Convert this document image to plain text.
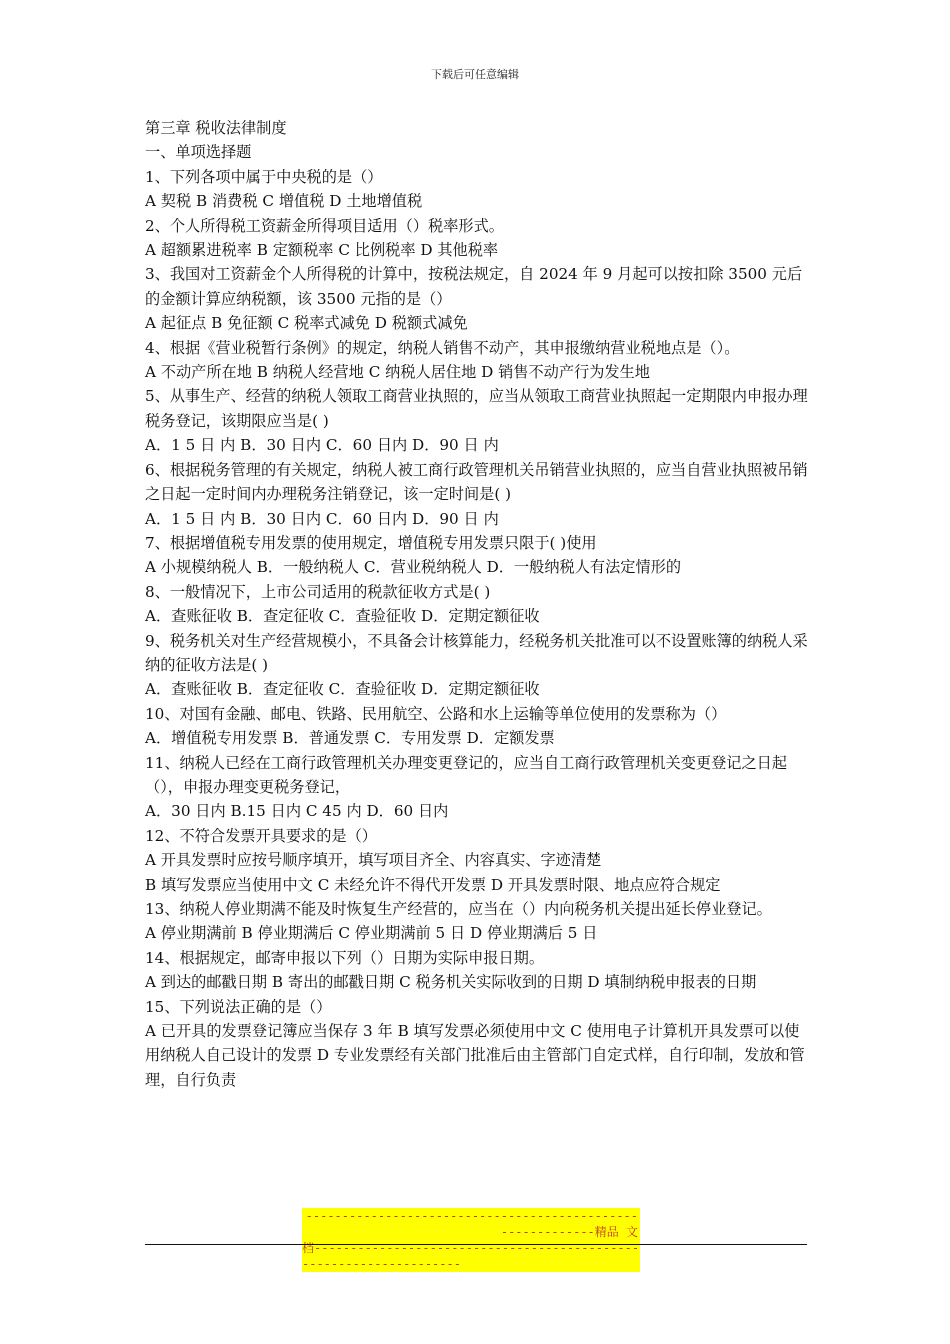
下载后可任意编辑
第三章 税收法律制度
一、单项选择题
1、下列各项中属于中央税的是（）
A 契税 B 消费税 C 增值税 D 土地增值税
2、个人所得税工资薪金所得项目适用（）税率形式。
A 超额累进税率 B 定额税率 C 比例税率 D 其他税率
3、我国对工资薪金个人所得税的计算中，按税法规定，自 2024 年 9 月起可以按扣除 3500 元后的金额计算应纳税额，该 3500 元指的是（）
A 起征点 B 免征额 C 税率式减免 D 税额式减免
4、根据《营业税暂行条例》的规定，纳税人销售不动产，其申报缴纳营业税地点是（）。
A 不动产所在地 B 纳税人经营地 C 纳税人居住地 D 销售不动产行为发生地
5、从事生产、经营的纳税人领取工商营业执照的，应当从领取工商营业执照起一定期限内申报办理税务登记，该期限应当是( )
A．1 5 日 内 B．30 日内 C．60 日内 D．90 日 内
6、根据税务管理的有关规定，纳税人被工商行政管理机关吊销营业执照的，应当自营业执照被吊销之日起一定时间内办理税务注销登记，该一定时间是( )
A．1 5 日 内 B．30 日内 C．60 日内 D．90 日 内
7、根据增值税专用发票的使用规定，增值税专用发票只限于( )使用
A 小规模纳税人 B．一般纳税人 C．营业税纳税人 D．一般纳税人有法定情形的
8、一般情况下，上市公司适用的税款征收方式是( )
A．查账征收 B．查定征收 C．查验征收 D．定期定额征收
9、税务机关对生产经营规模小，不具备会计核算能力，经税务机关批准可以不设置账簿的纳税人采纳的征收方法是( )
A．查账征收 B．查定征收 C．查验征收 D．定期定额征收
10、对国有金融、邮电、铁路、民用航空、公路和水上运输等单位使用的发票称为（）
A．增值税专用发票 B．普通发票 C．专用发票 D．定额发票
11、纳税人已经在工商行政管理机关办理变更登记的，应当自工商行政管理机关变更登记之日起（），申报办理变更税务登记，
A．30 日内 B.15 日内 C 45 内 D．60 日内
12、不符合发票开具要求的是（）
A 开具发票时应按号顺序填开，填写项目齐全、内容真实、字迹清楚
B 填写发票应当使用中文 C 未经允许不得代开发票 D 开具发票时限、地点应符合规定
13、纳税人停业期满不能及时恢复生产经营的，应当在（）内向税务机关提出延长停业登记。
A 停业期满前 B 停业期满后 C 停业期满前 5 日 D 停业期满后 5 日
14、根据规定，邮寄申报以下列（）日期为实际申报日期。
A 到达的邮戳日期 B 寄出的邮戳日期 C 税务机关实际收到的日期 D 填制纳税申报表的日期
15、下列说法正确的是（）
A 已开具的发票登记簿应当保存 3 年 B 填写发票必须使用中文 C 使用电子计算机开具发票可以使用纳税人自己设计的发票 D 专业发票经有关部门批准后由主管部门自定式样，自行印制，发放和管理，自行负责
-----------------------------------------------------------精品 文
档-------------------------------------------------------------------
